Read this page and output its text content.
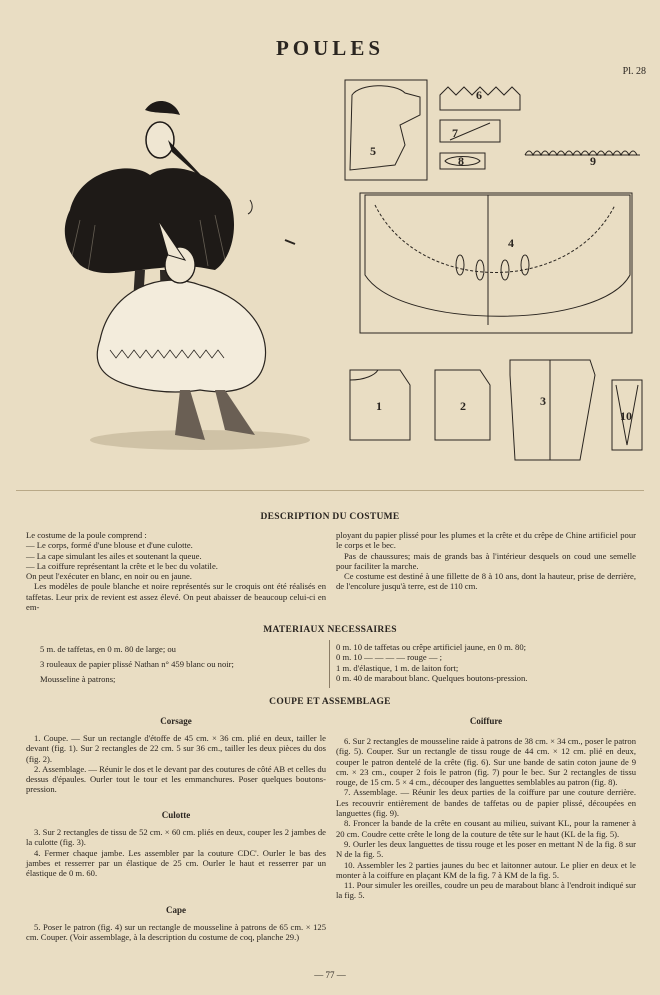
POULES
Pl. 28
5
6
7
8	9
4
1	2	3
10
DESCRIPTION DU COSTUME

Le costume de la poule comprend :

— Le corps, formé d'une blouse et d'une culotte.

— La cape simulant les ailes et soutenant la queue.

— La coiffure représentant la crête et le bec du volatile.

On peut l'exécuter en blanc, en noir ou en jaune.

Les modèles de poule blanche et noire représentés sur le croquis ont été réalisés en taffetas. Leur prix de revient est assez élevé. On peut abaisser de beaucoup celui-ci en em-

ployant du papier plissé pour les plumes et la crête et du crêpe de Chine artificiel pour le corps et le bec.

Pas de chaussures; mais de grands bas à l'intérieur desquels on coud une semelle pour faciliter la marche.

Ce costume est destiné à une fillette de 8 à 10 ans, dont la hauteur, prise de derrière, de l'encolure jusqu'à terre, est de 110 cm.

MATERIAUX NECESSAIRES

5 m. de taffetas, en 0 m. 80 de large; ou

3 rouleaux de papier plissé Nathan n° 459 blanc ou noir;

Mousseline à patrons;

0 m. 10 de taffetas ou crêpe artificiel jaune, en 0 m. 80;

0 m. 10 — — — — rouge — ;

1 m. d'élastique, 1 m. de laiton fort;

0 m. 40 de marabout blanc. Quelques boutons-pression.

COUPE ET ASSEMBLAGE
Corsage

1. Coupe. — Sur un rectangle d'étoffe de 45 cm. × 36 cm. plié en deux, tailler le devant (fig. 1). Sur 2 rectangles de 22 cm. 5 sur 36 cm., tailler les deux pièces du dos (fig. 2).

2. Assemblage. — Réunir le dos et le devant par des coutures de côté AB et celles du dessus d'épaules. Ourler tout le tour et les emmanchures. Poser quelques boutons-pression.

Culotte

3. Sur 2 rectangles de tissu de 52 cm. × 60 cm. pliés en deux, couper les 2 jambes de la culotte (fig. 3).

4. Fermer chaque jambe. Les assembler par la couture CDC'. Ourler le bas des jambes et resserrer par un élastique de 25 cm. Ourler le haut et resserrer par un élastique de 0 m. 60.

Cape

5. Poser le patron (fig. 4) sur un rectangle de mousseline à patrons de 65 cm. × 125 cm. Couper. (Voir assemblage, à la description du costume de coq, planche 29.)

Coiffure

6. Sur 2 rectangles de mousseline raide à patrons de 38 cm. × 34 cm., poser le patron (fig. 5). Couper. Sur un rectangle de tissu rouge de 44 cm. × 12 cm. plié en deux, couper le patron dentelé de la crête (fig. 6). Sur une bande de satin coton jaune de 9 cm. × 23 cm., couper 2 fois le patron (fig. 7) pour le bec. Sur 2 rectangles de tissu rouge, de 15 cm. 5 × 4 cm., découper des languettes semblables au patron (fig. 8).

7. Assemblage. — Réunir les deux parties de la coiffure par une couture derrière. Les recouvrir entièrement de bandes de taffetas ou de papier plissé, découpées en languettes (fig. 9).

8. Froncer la bande de la crête en cousant au milieu, suivant KL, pour la ramener à 20 cm. Coudre cette crête le long de la couture de tête sur le haut (KL de la fig. 5).

9. Ourler les deux languettes de tissu rouge et les poser en mettant N de la fig. 8 sur N de la fig. 5.

10. Assembler les 2 parties jaunes du bec et laitonner autour. Le plier en deux et le monter à la coiffure en plaçant KM de la fig. 7 à KM de la fig. 5.

11. Pour simuler les oreilles, coudre un peu de marabout blanc à l'endroit indiqué sur la fig. 5.

— 77 —
